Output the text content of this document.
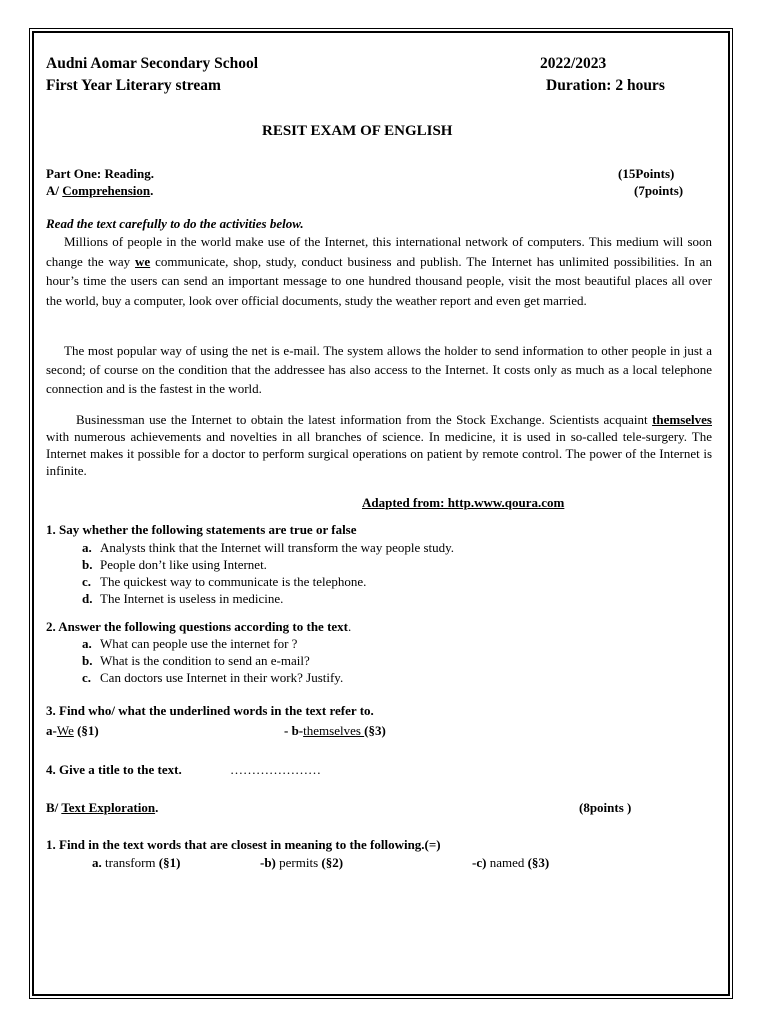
Audni Aomar Secondary School	2022/2023
First Year Literary stream	Duration: 2 hours
RESIT EXAM OF ENGLISH
Part One: Reading.	(15Points)
A/ Comprehension.	(7points)
Read the text carefully to do the activities below.
Millions of people in the world make use of the Internet, this international network of computers. This medium will soon change the way we communicate, shop, study, conduct business and publish. The Internet has unlimited possibilities. In an hour’s time the users can send an important message to one hundred thousand people, visit the most beautiful places all over the world, buy a computer, look over official documents, study the weather report and even get married.
The most popular way of using the net is e-mail. The system allows the holder to send information to other people in just a second; of course on the condition that the addressee has also access to the Internet. It costs only as much as a local telephone connection and is the fastest in the world.
Businessman use the Internet to obtain the latest information from the Stock Exchange. Scientists acquaint themselves with numerous achievements and novelties in all branches of science. In medicine, it is used in so-called tele-surgery. The Internet makes it possible for a doctor to perform surgical operations on patient by remote control. The power of the Internet is infinite.
Adapted from: http.www.qoura.com
1. Say whether the following statements are true or false
a. Analysts think that the Internet will transform the way people study.
b. People don’t like using Internet.
c. The quickest way to communicate is the telephone.
d. The Internet is useless in medicine.
2. Answer the following questions according to the text.
a. What can people use the internet for ?
b. What is the condition to send an e-mail?
c. Can doctors use Internet in their work? Justify.
3. Find who/ what the underlined words in the text refer to.
a-We (§1)	- b-themselves (§3)
4. Give a title to the text.	…………………
B/ Text Exploration.	(8points )
1. Find in the text words that are closest in meaning to the following.(=)
a. transform (§1)	-b) permits (§2)	-c) named (§3)
